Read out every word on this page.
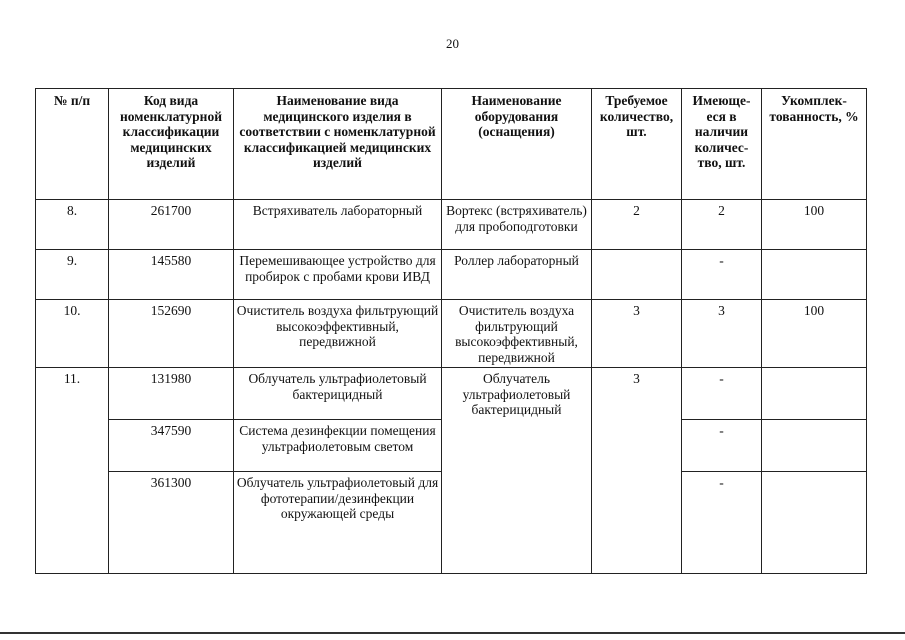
20
№ п/п	Код вида номенклатурной классификации медицинских изделий	Наименование вида медицинского изделия в соответствии с номенклатурной классификацией медицинских изделий	Наименование оборудования (оснащения)	Требуемое количество, шт.	Имеюще-еся в наличии количес-тво, шт.	Укомплек-тованность, %
8.	261700	Встряхиватель лабораторный	Вортекс (встряхиватель) для пробоподготовки	2	2	100
9.	145580	Перемешивающее устройство для пробирок с пробами крови ИВД	Роллер лабораторный		-	
10.	152690	Очиститель воздуха фильтрующий высокоэффективный, передвижной	Очиститель воздуха фильтрующий высокоэффективный, передвижной	3	3	100
11.	131980	Облучатель ультрафиолетовый бактерицидный	Облучатель ультрафиолетовый бактерицидный	3	-	
	347590	Система дезинфекции помещения ультрафиолетовым светом			-	
	361300	Облучатель ультрафиолетовый для фототерапии/дезинфекции окружающей среды			-	
